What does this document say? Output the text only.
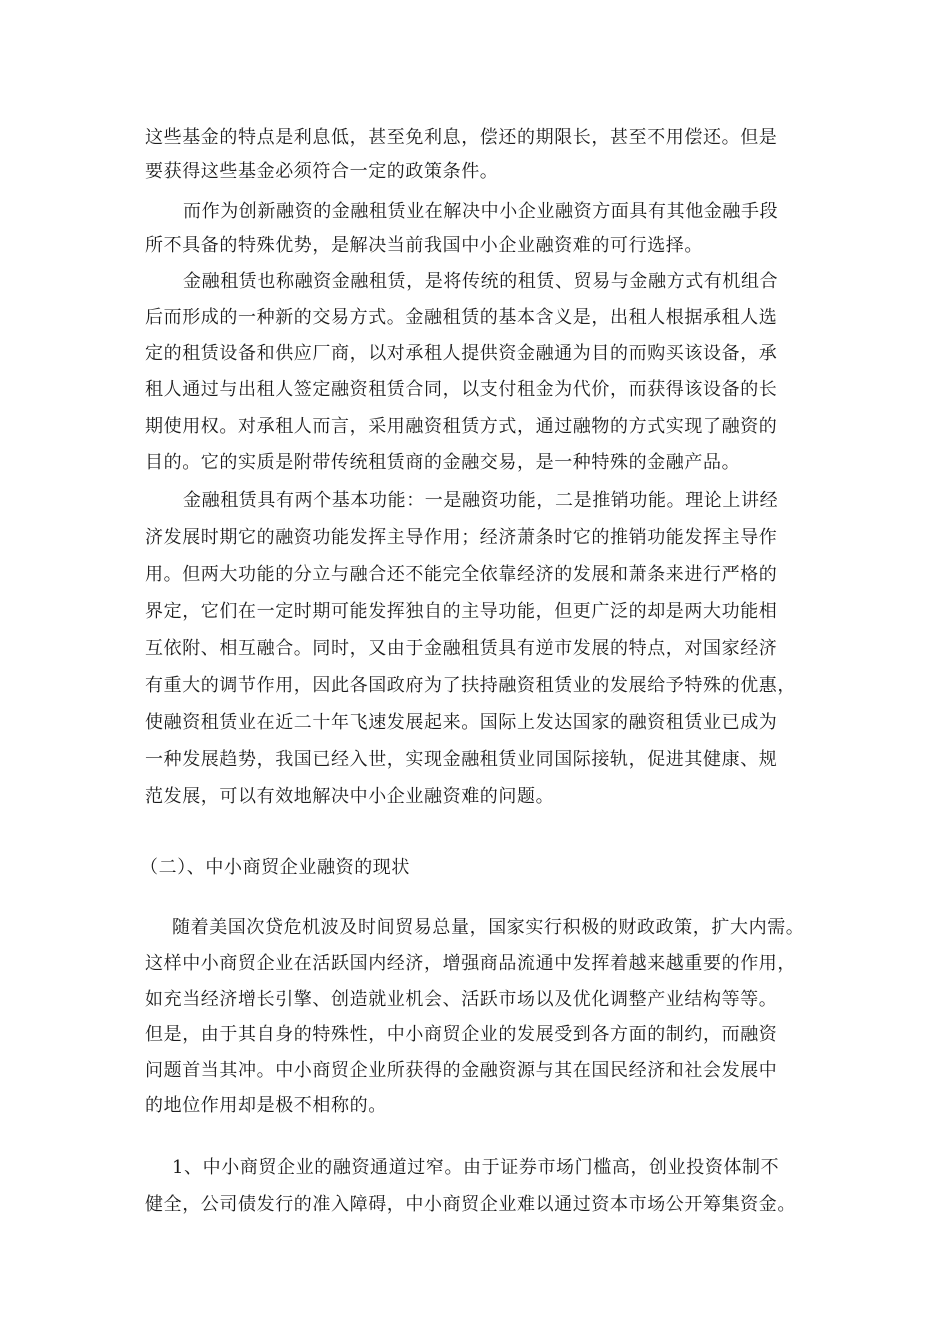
这些基金的特点是利息低，甚至免利息，偿还的期限长，甚至不用偿还。但是
要获得这些基金必须符合一定的政策条件。
而作为创新融资的金融租赁业在解决中小企业融资方面具有其他金融手段
所不具备的特殊优势，是解决当前我国中小企业融资难的可行选择。
金融租赁也称融资金融租赁，是将传统的租赁、贸易与金融方式有机组合
后而形成的一种新的交易方式。金融租赁的基本含义是，出租人根据承租人选
定的租赁设备和供应厂商，以对承租人提供资金融通为目的而购买该设备，承
租人通过与出租人签定融资租赁合同，以支付租金为代价，而获得该设备的长
期使用权。对承租人而言，采用融资租赁方式，通过融物的方式实现了融资的
目的。它的实质是附带传统租赁商的金融交易，是一种特殊的金融产品。
金融租赁具有两个基本功能：一是融资功能，二是推销功能。理论上讲经
济发展时期它的融资功能发挥主导作用；经济萧条时它的推销功能发挥主导作
用。但两大功能的分立与融合还不能完全依靠经济的发展和萧条来进行严格的
界定，它们在一定时期可能发挥独自的主导功能，但更广泛的却是两大功能相
互依附、相互融合。同时，又由于金融租赁具有逆市发展的特点，对国家经济
有重大的调节作用，因此各国政府为了扶持融资租赁业的发展给予特殊的优惠，
使融资租赁业在近二十年飞速发展起来。国际上发达国家的融资租赁业已成为
一种发展趋势，我国已经入世，实现金融租赁业同国际接轨，促进其健康、规
范发展，可以有效地解决中小企业融资难的问题。
（二）、中小商贸企业融资的现状
随着美国次贷危机波及时间贸易总量，国家实行积极的财政政策，扩大内需。
这样中小商贸企业在活跃国内经济，增强商品流通中发挥着越来越重要的作用，
如充当经济增长引擎、创造就业机会、活跃市场以及优化调整产业结构等等。
但是，由于其自身的特殊性，中小商贸企业的发展受到各方面的制约，而融资
问题首当其冲。中小商贸企业所获得的金融资源与其在国民经济和社会发展中
的地位作用却是极不相称的。
1、中小商贸企业的融资通道过窄。由于证券市场门槛高，创业投资体制不
健全，公司债发行的准入障碍，中小商贸企业难以通过资本市场公开筹集资金。
